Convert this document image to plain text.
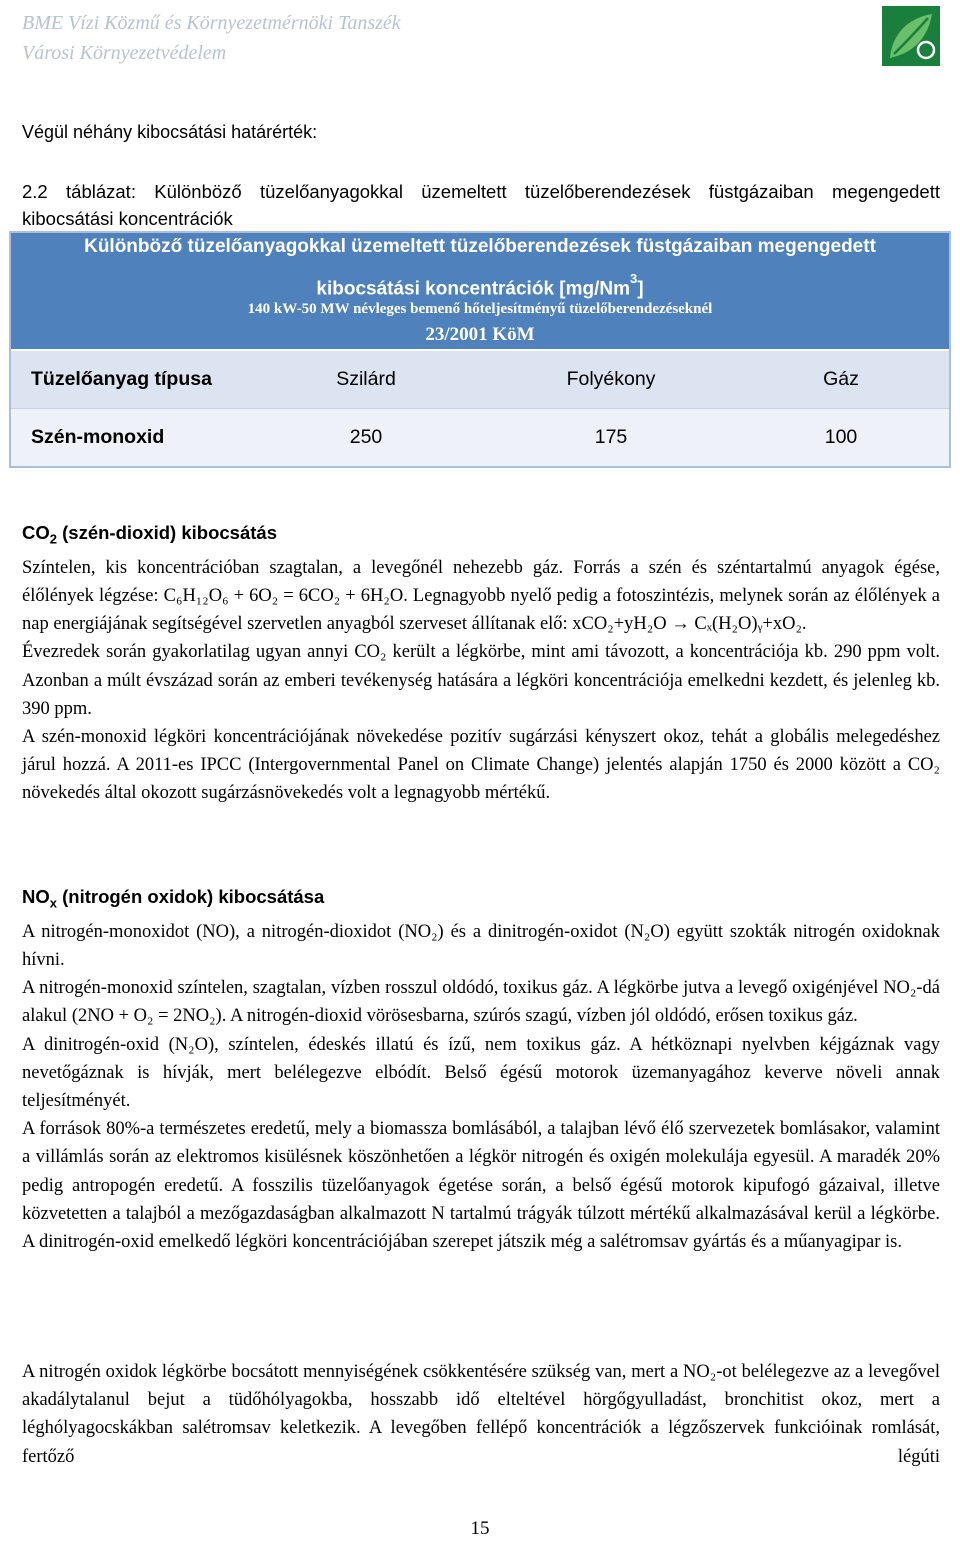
BME Vízi Közmű és Környezetmérnöki Tanszék
Városi Környezetvédelem
Végül néhány kibocsátási határérték:
2.2 táblázat: Különböző tüzelőanyagokkal üzemeltett tüzelőberendezések füstgázaiban megengedett kibocsátási koncentrációk
Különböző tüzelőanyagokkal üzemeltett tüzelőberendezések füstgázaiban megengedett
kibocsátási koncentrációk [mg/Nm$^3$]
140 kW-50 MW névleges bemenő hőteljesítményű tüzelőberendezéseknél
23/2001 KöM
Tüzelőanyag típusa	Szilárd	Folyékony	Gáz
Szén-monoxid	250	175	100
$CO_2$ (szén-dioxid) kibocsátás

Színtelen, kis koncentrációban szagtalan, a levegőnél nehezebb gáz. Forrás a szén és széntartalmú anyagok égése, élőlények légzése: C₆H₁₂O₆ + 6O₂ = 6CO₂ + 6H₂O. Legnagyobb nyelő pedig a fotoszintézis, melynek során az élőlények a nap energiájának segítségével szervetlen anyagból szerveset állítanak elő: xCO₂+yH₂O → Cₓ(H₂O)ᵧ+xO₂.

Évezredek során gyakorlatilag ugyan annyi CO₂ került a légkörbe, mint ami távozott, a koncentrációja kb. 290 ppm volt. Azonban a múlt évszázad során az emberi tevékenység hatására a légköri koncentrációja emelkedni kezdett, és jelenleg kb. 390 ppm.

A szén-monoxid légköri koncentrációjának növekedése pozitív sugárzási kényszert okoz, tehát a globális melegedéshez járul hozzá. A 2011-es IPCC (Intergovernmental Panel on Climate Change) jelentés alapján 1750 és 2000 között a CO₂ növekedés által okozott sugárzásnövekedés volt a legnagyobb mértékű.

$NO_x$ (nitrogén oxidok) kibocsátása

A nitrogén-monoxidot (NO), a nitrogén-dioxidot (NO₂) és a dinitrogén-oxidot (N₂O) együtt szokták nitrogén oxidoknak hívni.

A nitrogén-monoxid színtelen, szagtalan, vízben rosszul oldódó, toxikus gáz. A légkörbe jutva a levegő oxigénjével NO₂-dá alakul (2NO + O₂ = 2NO₂). A nitrogén-dioxid vörösesbarna, szúrós szagú, vízben jól oldódó, erősen toxikus gáz.

A dinitrogén-oxid (N₂O), színtelen, édeskés illatú és ízű, nem toxikus gáz. A hétköznapi nyelvben kéjgáznak vagy nevetőgáznak is hívják, mert belélegezve elbódít. Belső égésű motorok üzemanyagához keverve növeli annak teljesítményét.

A források 80%-a természetes eredetű, mely a biomassza bomlásából, a talajban lévő élő szervezetek bomlásakor, valamint a villámlás során az elektromos kisülésnek köszönhetően a légkör nitrogén és oxigén molekulája egyesül. A maradék 20% pedig antropogén eredetű. A fosszilis tüzelőanyagok égetése során, a belső égésű motorok kipufogó gázaival, illetve közvetetten a talajból a mezőgazdaságban alkalmazott N tartalmú trágyák túlzott mértékű alkalmazásával kerül a légkörbe. A dinitrogén-oxid emelkedő légköri koncentrációjában szerepet játszik még a salétromsav gyártás és a műanyagipar is.

A nitrogén oxidok légkörbe bocsátott mennyiségének csökkentésére szükség van, mert a NO₂-ot belélegezve az a levegővel akadálytalanul bejut a tüdőhólyagokba, hosszabb idő elteltével hörgőgyulladást, bronchitist okoz, mert a léghólyagocskákban salétromsav keletkezik. A levegőben fellépő koncentrációk a légzőszervek funkcióinak romlását, fertőző légúti

15
